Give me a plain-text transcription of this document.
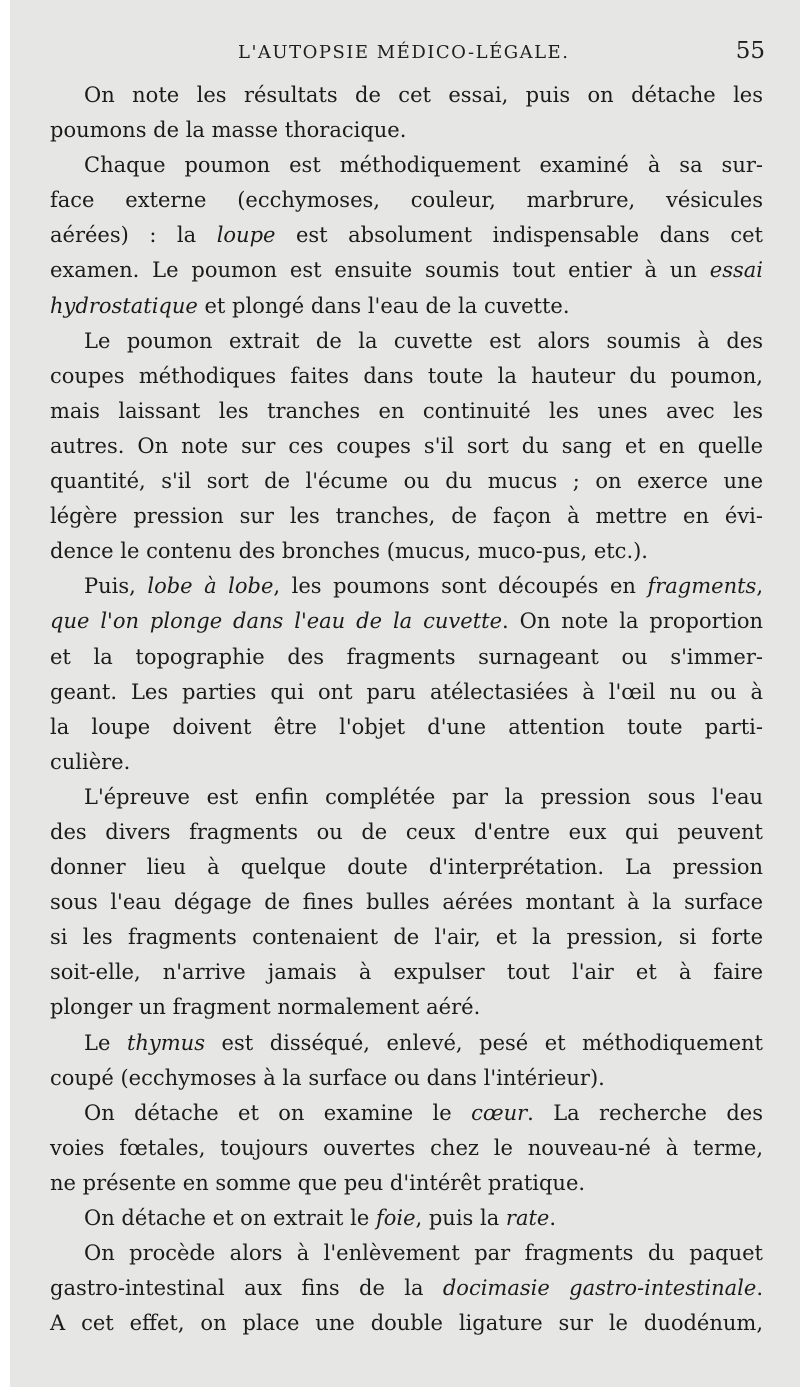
L'AUTOPSIE MÉDICO-LÉGALE.	55
On note les résultats de cet essai, puis on détache les
poumons de la masse thoracique.
Chaque poumon est méthodiquement examiné à sa sur-
face externe (ecchymoses, couleur, marbrure, vésicules
aérées) : la loupe est absolument indispensable dans cet
examen. Le poumon est ensuite soumis tout entier à un essai
hydrostatique et plongé dans l'eau de la cuvette.
Le poumon extrait de la cuvette est alors soumis à des
coupes méthodiques faites dans toute la hauteur du poumon,
mais laissant les tranches en continuité les unes avec les
autres. On note sur ces coupes s'il sort du sang et en quelle
quantité, s'il sort de l'écume ou du mucus ; on exerce une
légère pression sur les tranches, de façon à mettre en évi-
dence le contenu des bronches (mucus, muco-pus, etc.).
Puis, lobe à lobe, les poumons sont découpés en fragments,
que l'on plonge dans l'eau de la cuvette. On note la proportion
et la topographie des fragments surnageant ou s'immer-
geant. Les parties qui ont paru atélectasiées à l'œil nu ou à
la loupe doivent être l'objet d'une attention toute parti-
culière.
L'épreuve est enfin complétée par la pression sous l'eau
des divers fragments ou de ceux d'entre eux qui peuvent
donner lieu à quelque doute d'interprétation. La pression
sous l'eau dégage de fines bulles aérées montant à la surface
si les fragments contenaient de l'air, et la pression, si forte
soit-elle, n'arrive jamais à expulser tout l'air et à faire
plonger un fragment normalement aéré.
Le thymus est disséqué, enlevé, pesé et méthodiquement
coupé (ecchymoses à la surface ou dans l'intérieur).
On détache et on examine le cœur. La recherche des
voies fœtales, toujours ouvertes chez le nouveau-né à terme,
ne présente en somme que peu d'intérêt pratique.
On détache et on extrait le foie, puis la rate.
On procède alors à l'enlèvement par fragments du paquet
gastro-intestinal aux fins de la docimasie gastro-intestinale.
A cet effet, on place une double ligature sur le duodénum,
